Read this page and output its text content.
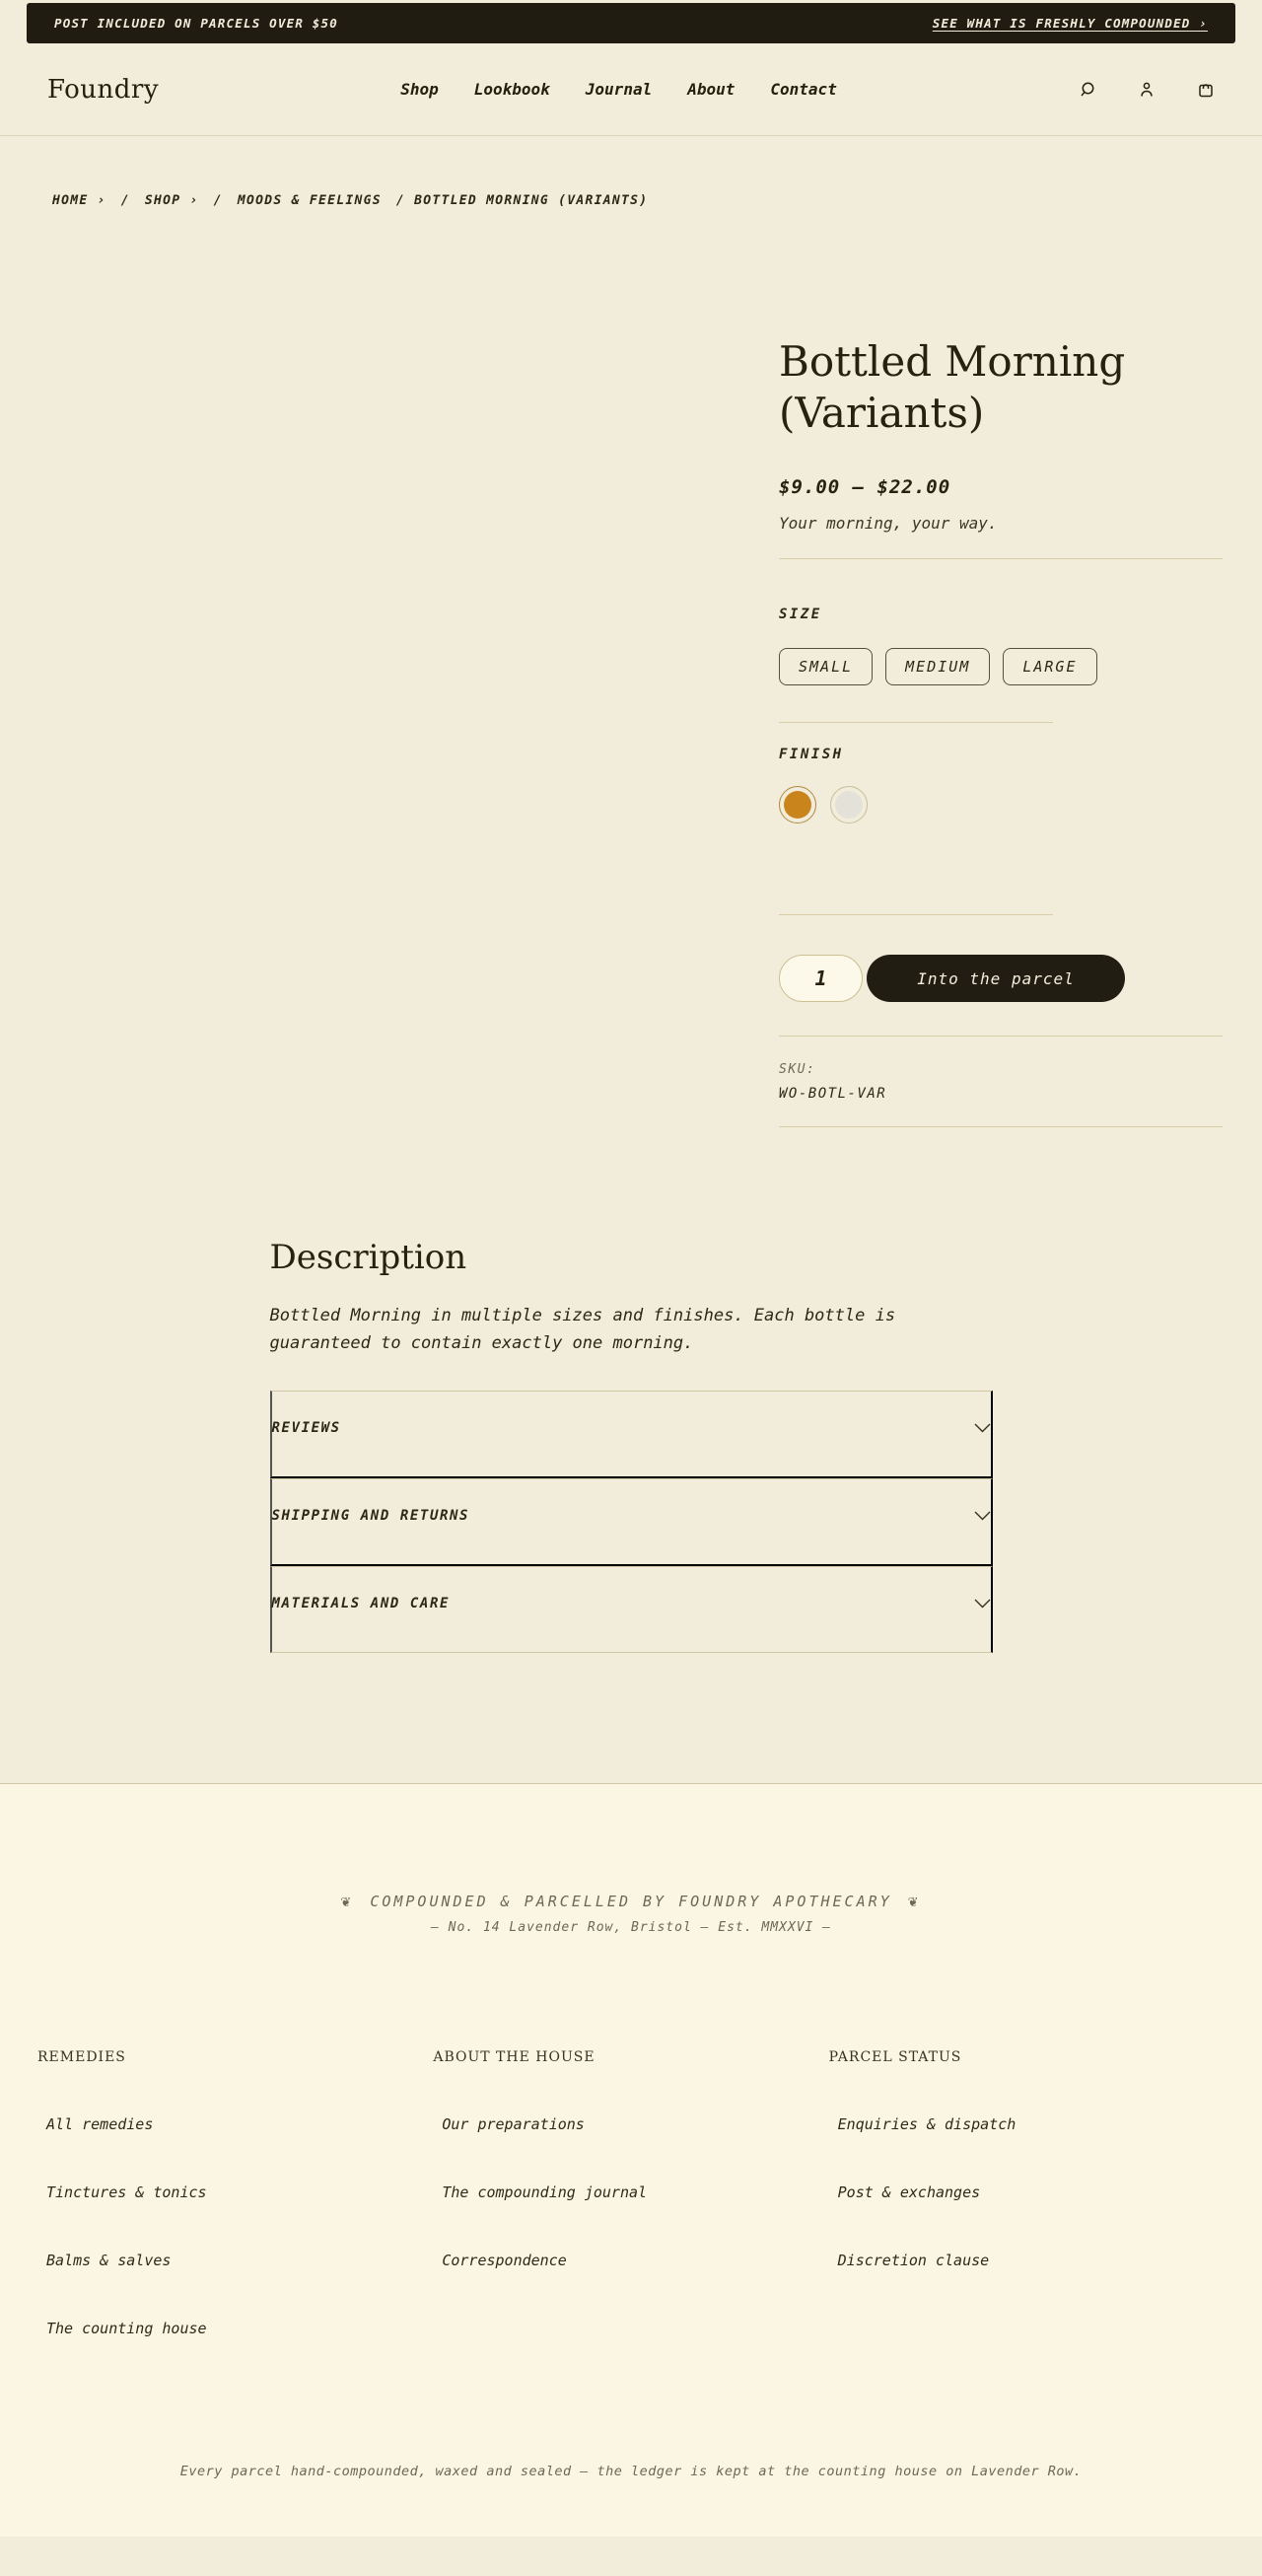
POST INCLUDED ON PARCELS OVER $50	SEE WHAT IS FRESHLY COMPOUNDED ›
Foundry	Shop Lookbook Journal About Contact
HOME › / SHOP › / MOODS & FEELINGS / BOTTLED MORNING (VARIANTS)
Bottled Morning (Variants)
$9.00 – $22.00
Your morning, your way.
SIZE
SMALL	MEDIUM	LARGE
FINISH
1
Into the parcel
SKU:
WO-BOTL-VAR
Description

Bottled Morning in multiple sizes and finishes. Each bottle is guaranteed to contain exactly one morning.

REVIEWS
SHIPPING AND RETURNS
MATERIALS AND CARE
❦ COMPOUNDED & PARCELLED BY FOUNDRY APOTHECARY ❦
— No. 14 Lavender Row, Bristol — Est. MMXXVI —
REMEDIES
All remedies
Tinctures & tonics
Balms & salves
The counting house
ABOUT THE HOUSE
Our preparations
The compounding journal
Correspondence
PARCEL STATUS
Enquiries & dispatch
Post & exchanges
Discretion clause
Every parcel hand-compounded, waxed and sealed — the ledger is kept at the counting house on Lavender Row.
